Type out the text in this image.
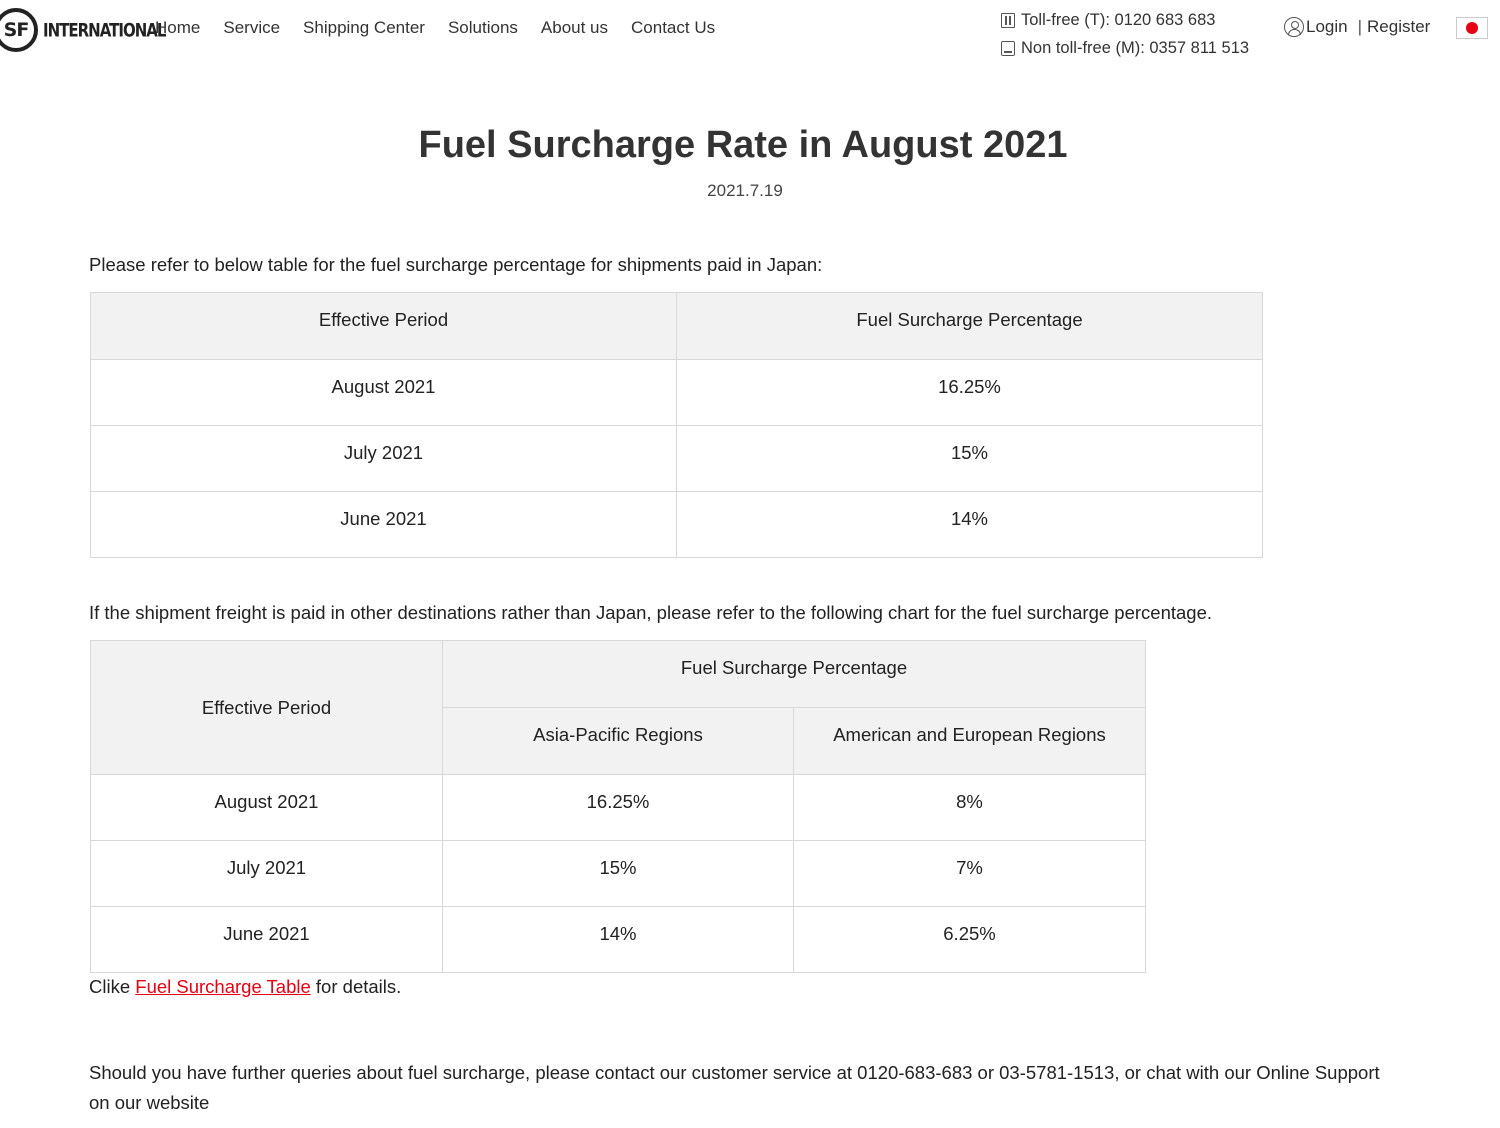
SF INTERNATIONAL
Home Service Shipping Center Solutions About us Contact Us	Toll-free (T): 0120 683 683
Non toll-free (M): 0357 811 513
Login | Register
Fuel Surcharge Rate in August 2021
2021.7.19

Please refer to below table for the fuel surcharge percentage for shipments paid in Japan:

Effective Period	Fuel Surcharge Percentage
August 2021	16.25%
July 2021	15%
June 2021	14%

If the shipment freight is paid in other destinations rather than Japan, please refer to the following chart for the fuel surcharge percentage.

Effective Period	Fuel Surcharge Percentage	
	Asia-Pacific Regions	American and European Regions
August 2021	16.25%	8%
July 2021	15%	7%
June 2021	14%	6.25%

Clike Fuel Surcharge Table for details.

Should you have further queries about fuel surcharge, please contact our customer service at 0120-683-683 or 03-5781-1513, or chat with our Online Support on our website
